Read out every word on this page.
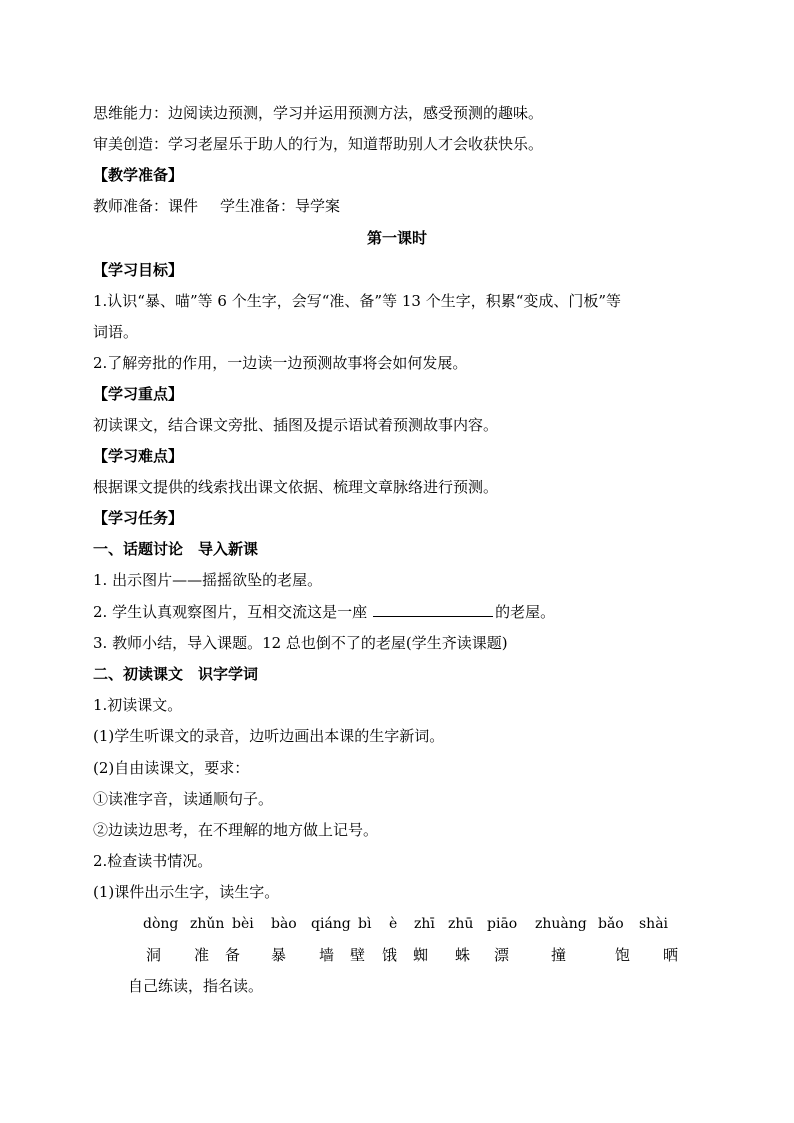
思维能力：边阅读边预测，学习并运用预测方法，感受预测的趣味。
审美创造：学习老屋乐于助人的行为，知道帮助别人才会收获快乐。
【教学准备】
教师准备：课件 学生准备：导学案
第一课时
【学习目标】
1.认识“暴、喵”等 6 个生字，会写“准、备”等 13 个生字，积累“变成、门板”等
词语。
2.了解旁批的作用，一边读一边预测故事将会如何发展。
【学习重点】
初读课文，结合课文旁批、插图及提示语试着预测故事内容。
【学习难点】
根据课文提供的线索找出课文依据、梳理文章脉络进行预测。
【学习任务】
一、话题讨论　导入新课
1. 出示图片——摇摇欲坠的老屋。
2. 学生认真观察图片，互相交流这是一座	的老屋。
3. 教师小结，导入课题。12 总也倒不了的老屋(学生齐读课题)
二、初读课文　识字学词
1.初读课文。
(1)学生听课文的录音，边听边画出本课的生字新词。
(2)自由读课文，要求：
①读准字音，读通顺句子。
②边读边思考，在不理解的地方做上记号。
2.检查读书情况。
(1)课件出示生字，读生字。
dòng zhǔn bèi bào qiáng bì è zhī zhū piāo zhuàng bǎo shài
洞 准 备 暴 墙 壁 饿 蜘 蛛 漂	撞	饱 晒
自己练读，指名读。
